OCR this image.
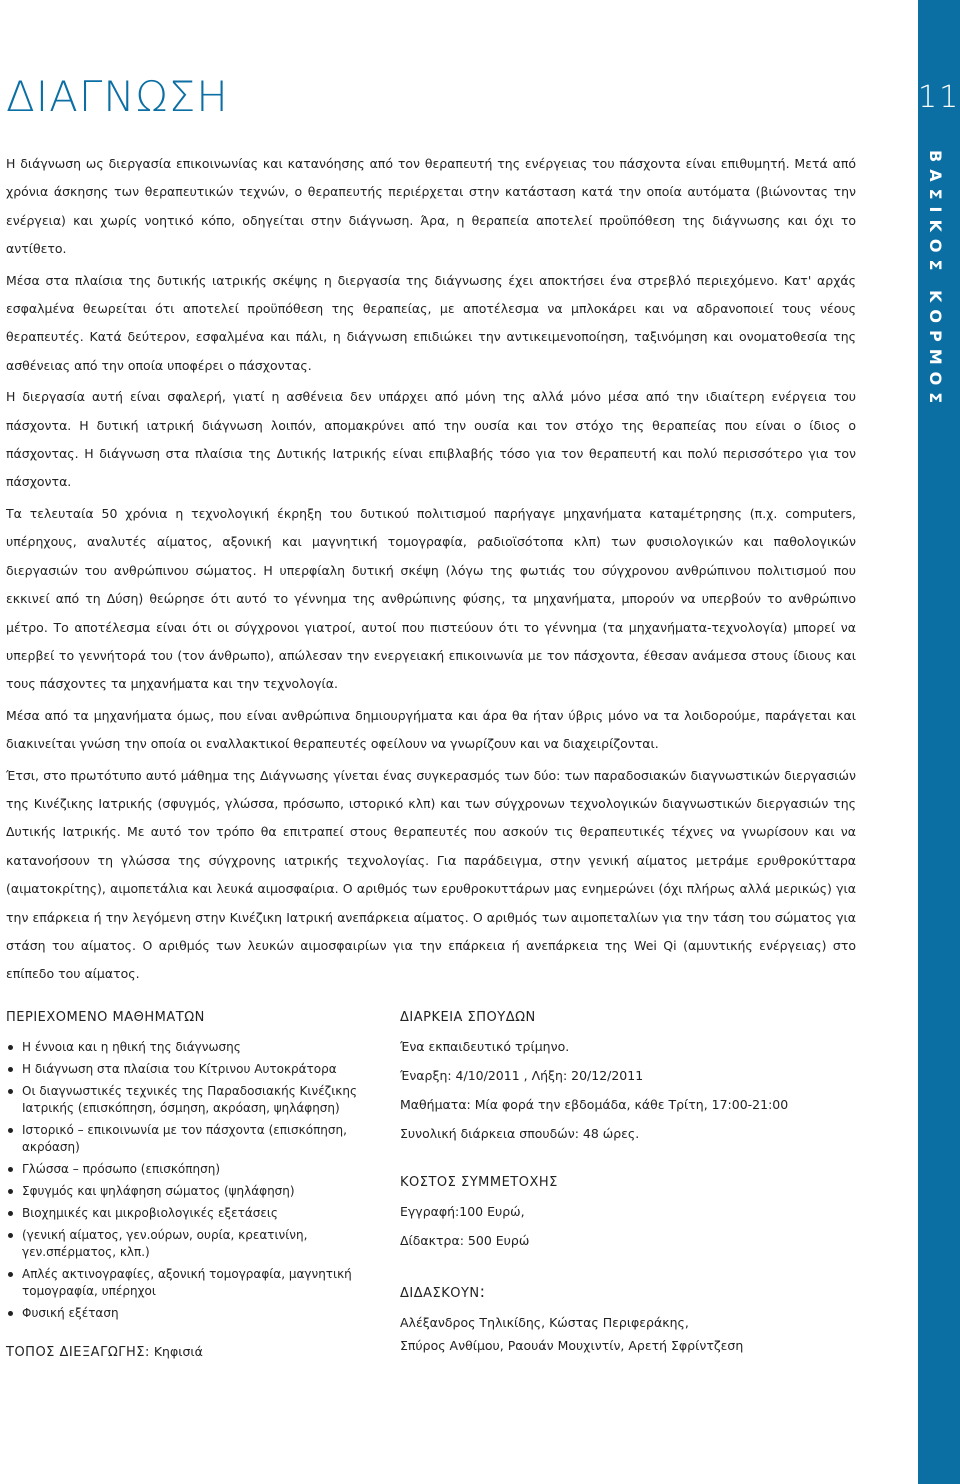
11
ΒΑΣΙΚΟΣ ΚΟΡΜΟΣ
ΔΙΑΓΝΩΣΗ

Η διάγνωση ως διεργασία επικοινωνίας και κατανόησης από τον θεραπευτή της ενέργειας του πάσχοντα είναι επιθυμητή. Μετά από χρόνια άσκησης των θεραπευτικών τεχνών, ο θεραπευτής περιέρχεται στην κατάσταση κατά την οποία αυτόματα (βιώνοντας την ενέργεια) και χωρίς νοητικό κόπο, οδηγείται στην διάγνωση. Άρα, η θεραπεία αποτελεί προϋπόθεση της διάγνωσης και όχι το αντίθετο.

Μέσα στα πλαίσια της δυτικής ιατρικής σκέψης η διεργασία της διάγνωσης έχει αποκτήσει ένα στρεβλό περιεχόμενο. Κατ' αρχάς εσφαλμένα θεωρείται ότι αποτελεί προϋπόθεση της θεραπείας, με αποτέλεσμα να μπλοκάρει και να αδρανοποιεί τους νέους θεραπευτές. Κατά δεύτερον, εσφαλμένα και πάλι, η διάγνωση επιδιώκει την αντικειμενοποίηση, ταξινόμηση και ονοματοθεσία της ασθένειας από την οποία υποφέρει ο πάσχοντας.

Η διεργασία αυτή είναι σφαλερή, γιατί η ασθένεια δεν υπάρχει από μόνη της αλλά μόνο μέσα από την ιδιαίτερη ενέργεια του πάσχοντα. Η δυτική ιατρική διάγνωση λοιπόν, απομακρύνει από την ουσία και τον στόχο της θεραπείας που είναι ο ίδιος ο πάσχοντας. Η διάγνωση στα πλαίσια της Δυτικής Ιατρικής είναι επιβλαβής τόσο για τον θεραπευτή και πολύ περισσότερο για τον πάσχοντα.

Τα τελευταία 50 χρόνια η τεχνολογική έκρηξη του δυτικού πολιτισμού παρήγαγε μηχανήματα καταμέτρησης (π.χ. computers, υπέρηχους, αναλυτές αίματος, αξονική και μαγνητική τομογραφία, ραδιοϊσότοπα κλπ) των φυσιολογικών και παθολογικών διεργασιών του ανθρώπινου σώματος. Η υπερφίαλη δυτική σκέψη (λόγω της φωτιάς του σύγχρονου ανθρώπινου πολιτισμού που εκκινεί από τη Δύση) θεώρησε ότι αυτό το γέννημα της ανθρώπινης φύσης, τα μηχανήματα, μπορούν να υπερβούν το ανθρώπινο μέτρο. Το αποτέλεσμα είναι ότι οι σύγχρονοι γιατροί, αυτοί που πιστεύουν ότι το γέννημα (τα μηχανήματα-τεχνολογία) μπορεί να υπερβεί το γεννήτορά του (τον άνθρωπο), απώλεσαν την ενεργειακή επικοινωνία με τον πάσχοντα, έθεσαν ανάμεσα στους ίδιους και τους πάσχοντες τα μηχανήματα και την τεχνολογία.

Μέσα από τα μηχανήματα όμως, που είναι ανθρώπινα δημιουργήματα και άρα θα ήταν ύβρις μόνο να τα λοιδορούμε, παράγεται και διακινείται γνώση την οποία οι εναλλακτικοί θεραπευτές οφείλουν να γνωρίζουν και να διαχειρίζονται.

Έτσι, στο πρωτότυπο αυτό μάθημα της Διάγνωσης γίνεται ένας συγκερασμός των δύο: των παραδοσιακών διαγνωστικών διεργασιών της Κινέζικης Ιατρικής (σφυγμός, γλώσσα, πρόσωπο, ιστορικό κλπ) και των σύγχρονων τεχνολογικών διαγνωστικών διεργασιών της Δυτικής Ιατρικής. Με αυτό τον τρόπο θα επιτραπεί στους θεραπευτές που ασκούν τις θεραπευτικές τέχνες να γνωρίσουν και να κατανοήσουν τη γλώσσα της σύγχρονης ιατρικής τεχνολογίας. Για παράδειγμα, στην γενική αίματος μετράμε ερυθροκύτταρα (αιματοκρίτης), αιμοπετάλια και λευκά αιμοσφαίρια. Ο αριθμός των ερυθροκυττάρων μας ενημερώνει (όχι πλήρως αλλά μερικώς) για την επάρκεια ή την λεγόμενη στην Κινέζικη Ιατρική ανεπάρκεια αίματος. Ο αριθμός των αιμοπεταλίων για την τάση του σώματος για στάση του αίματος. Ο αριθμός των λευκών αιμοσφαιρίων για την επάρκεια ή ανεπάρκεια της Wei Qi (αμυντικής ενέργειας) στο επίπεδο του αίματος.

ΠΕΡΙΕΧΟΜΕΝΟ ΜΑΘΗΜΑΤΩΝ
Η έννοια και η ηθική της διάγνωσης
Η διάγνωση στα πλαίσια του Κίτρινου Αυτοκράτορα
Οι διαγνωστικές τεχνικές της Παραδοσιακής Κινέζικης Ιατρικής (επισκόπηση, όσμηση, ακρόαση, ψηλάφηση)
Ιστορικό – επικοινωνία με τον πάσχοντα (επισκόπηση, ακρόαση)
Γλώσσα – πρόσωπο (επισκόπηση)
Σφυγμός και ψηλάφηση σώματος (ψηλάφηση)
Βιοχημικές και μικροβιολογικές εξετάσεις
(γενική αίματος, γεν.ούρων, ουρία, κρεατινίνη, γεν.σπέρματος, κλπ.)
Απλές ακτινογραφίες, αξονική τομογραφία, μαγνητική τομογραφία, υπέρηχοι
Φυσική εξέταση
ΤΟΠΟΣ ΔΙΕΞΑΓΩΓΗΣ: Κηφισιά
ΔΙΑΡΚΕΙΑ ΣΠΟΥΔΩΝ
Ένα εκπαιδευτικό τρίμηνο.
Έναρξη: 4/10/2011 , Λήξη: 20/12/2011
Μαθήματα: Μία φορά την εβδομάδα, κάθε Τρίτη, 17:00-21:00
Συνολική διάρκεια σπουδών: 48 ώρες.
ΚΟΣΤΟΣ ΣΥΜΜΕΤΟΧΗΣ
Εγγραφή:100 Ευρώ,
Δίδακτρα: 500 Ευρώ
ΔΙΔΑΣΚΟΥΝ:
Αλέξανδρος Τηλικίδης, Κώστας Περιφεράκης,
Σπύρος Ανθίμου, Ραουάν Μουχιντίν, Αρετή Σφρίντζεση
